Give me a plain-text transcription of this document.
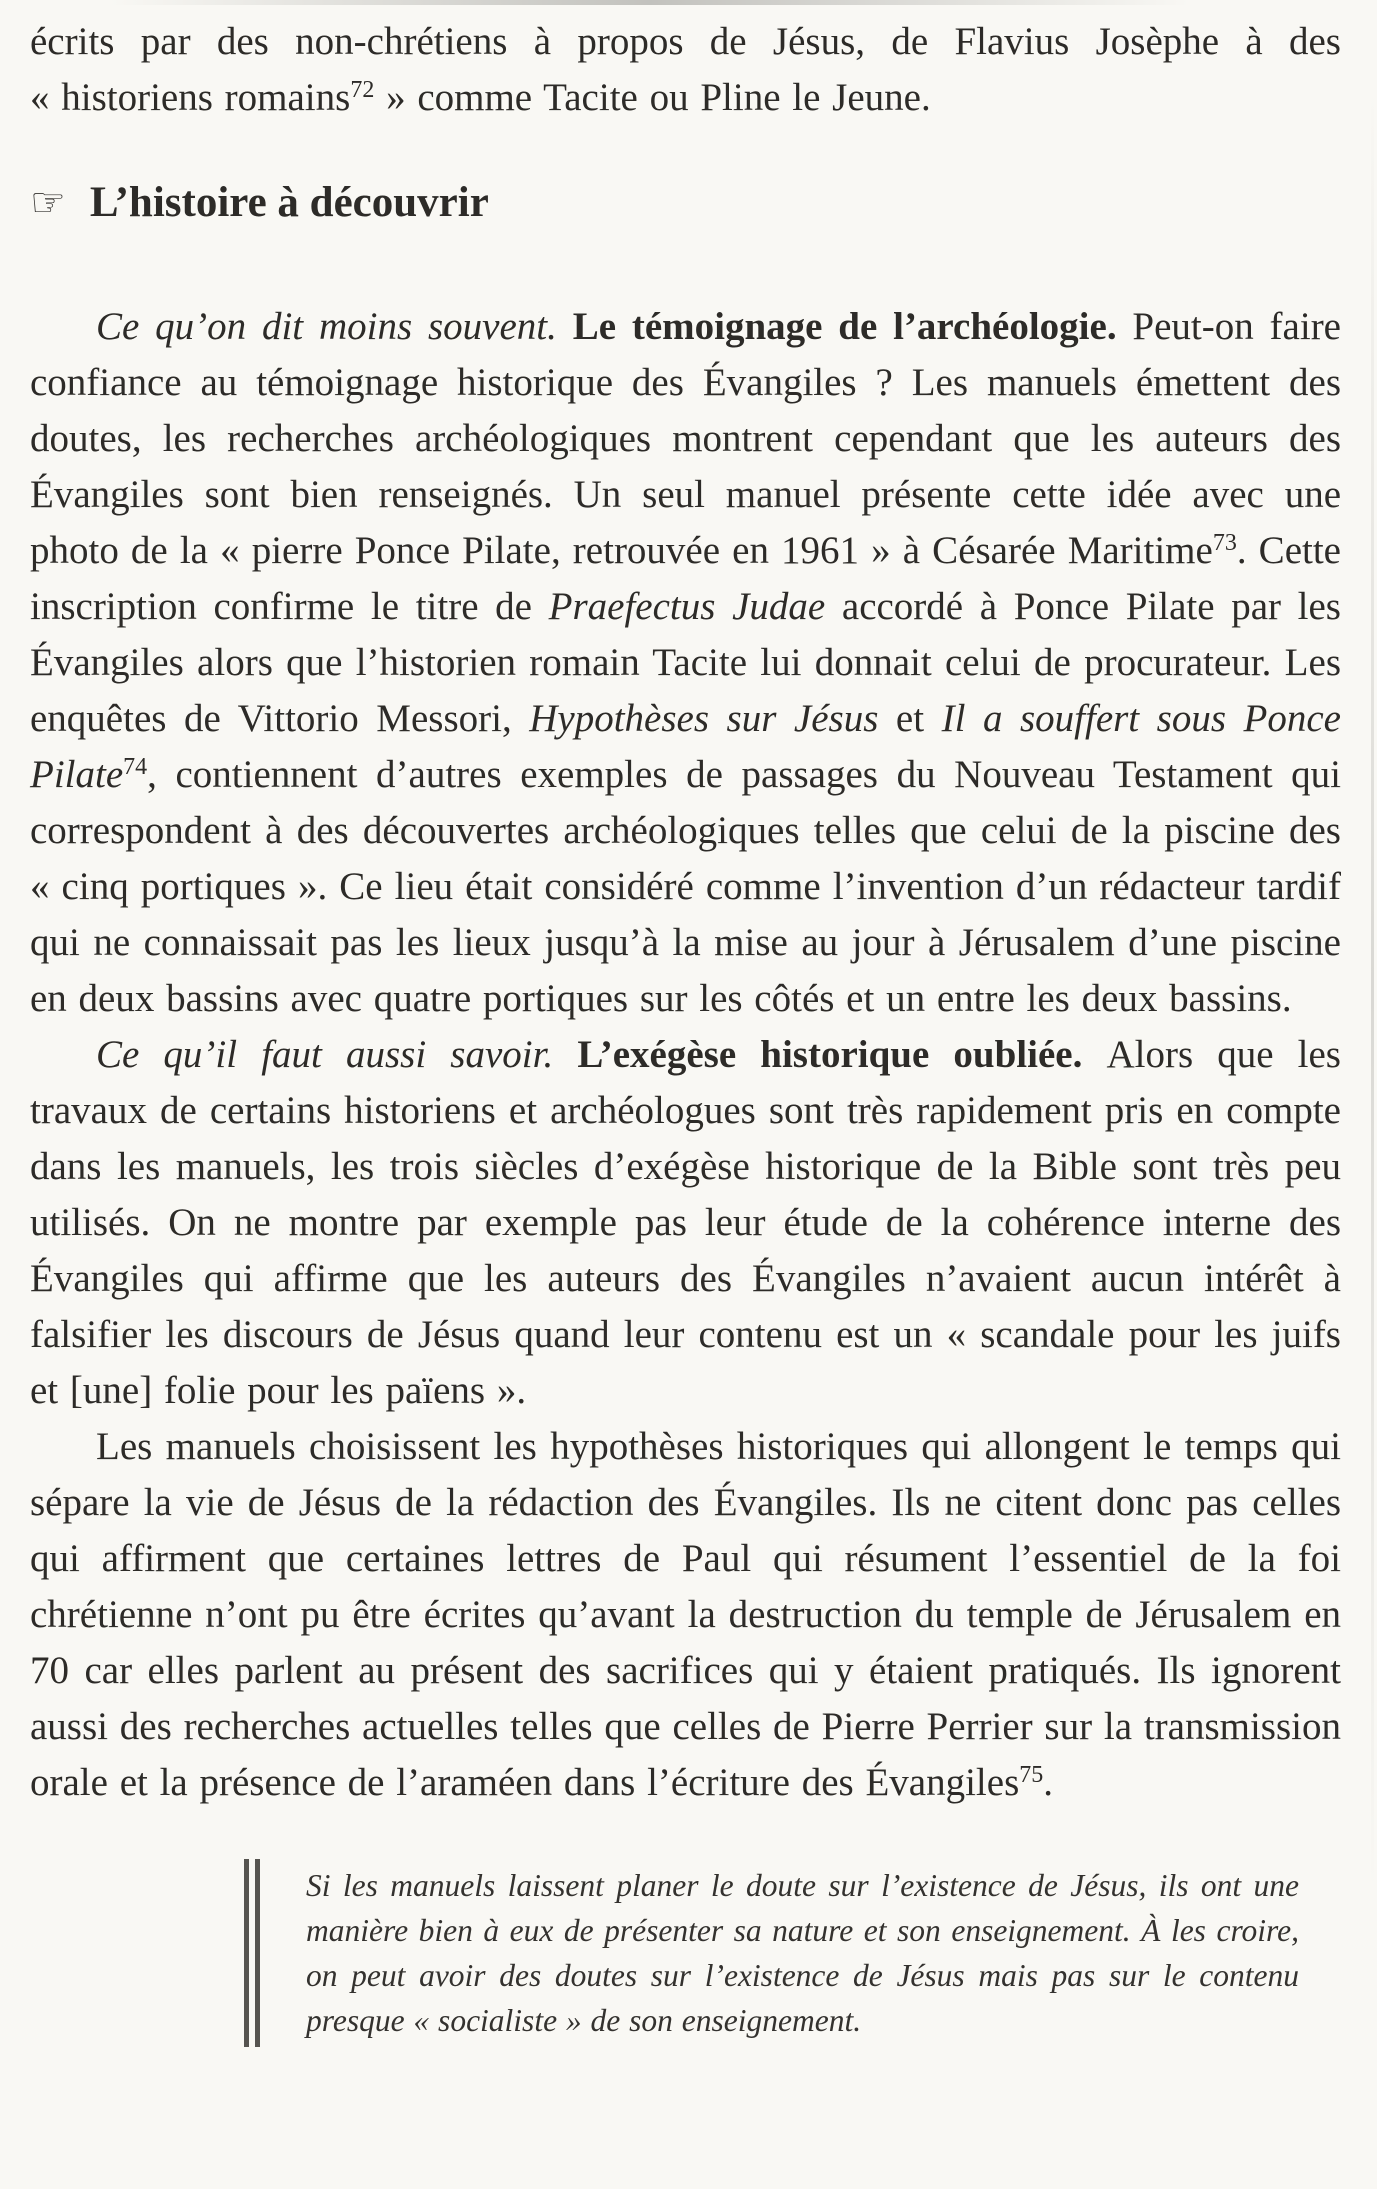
écrits par des non-chrétiens à propos de Jésus, de Flavius Josèphe à des « historiens romains$^{72}$ » comme Tacite ou Pline le Jeune.

☞ L’histoire à découvrir

Ce qu’on dit moins souvent. Le témoignage de l’archéologie. Peut-on faire confiance au témoignage historique des Évangiles ? Les manuels émettent des doutes, les recherches archéologiques montrent cependant que les auteurs des Évangiles sont bien renseignés. Un seul manuel présente cette idée avec une photo de la « pierre Ponce Pilate, retrouvée en 1961 » à Césarée Maritime$^{73}$. Cette inscription confirme le titre de Praefectus Judae accordé à Ponce Pilate par les Évangiles alors que l’historien romain Tacite lui donnait celui de procurateur. Les enquêtes de Vittorio Messori, Hypothèses sur Jésus et Il a souffert sous Ponce Pilate$^{74}$, contiennent d’autres exemples de passages du Nouveau Testament qui correspondent à des découvertes archéologiques telles que celui de la piscine des « cinq portiques ». Ce lieu était considéré comme l’invention d’un rédacteur tardif qui ne connaissait pas les lieux jusqu’à la mise au jour à Jérusalem d’une piscine en deux bassins avec quatre portiques sur les côtés et un entre les deux bassins.

Ce qu’il faut aussi savoir. L’exégèse historique oubliée. Alors que les travaux de certains historiens et archéologues sont très rapidement pris en compte dans les manuels, les trois siècles d’exégèse historique de la Bible sont très peu utilisés. On ne montre par exemple pas leur étude de la cohérence interne des Évangiles qui affirme que les auteurs des Évangiles n’avaient aucun intérêt à falsifier les discours de Jésus quand leur contenu est un « scandale pour les juifs et [une] folie pour les païens ».

Les manuels choisissent les hypothèses historiques qui allongent le temps qui sépare la vie de Jésus de la rédaction des Évangiles. Ils ne citent donc pas celles qui affirment que certaines lettres de Paul qui résument l’essentiel de la foi chrétienne n’ont pu être écrites qu’avant la destruction du temple de Jérusalem en 70 car elles parlent au présent des sacrifices qui y étaient pratiqués. Ils ignorent aussi des recherches actuelles telles que celles de Pierre Perrier sur la transmission orale et la présence de l’araméen dans l’écriture des Évangiles$^{75}$.

Si les manuels laissent planer le doute sur l’existence de Jésus, ils ont une manière bien à eux de présenter sa nature et son enseignement. À les croire, on peut avoir des doutes sur l’existence de Jésus mais pas sur le contenu presque « socialiste » de son enseignement.
